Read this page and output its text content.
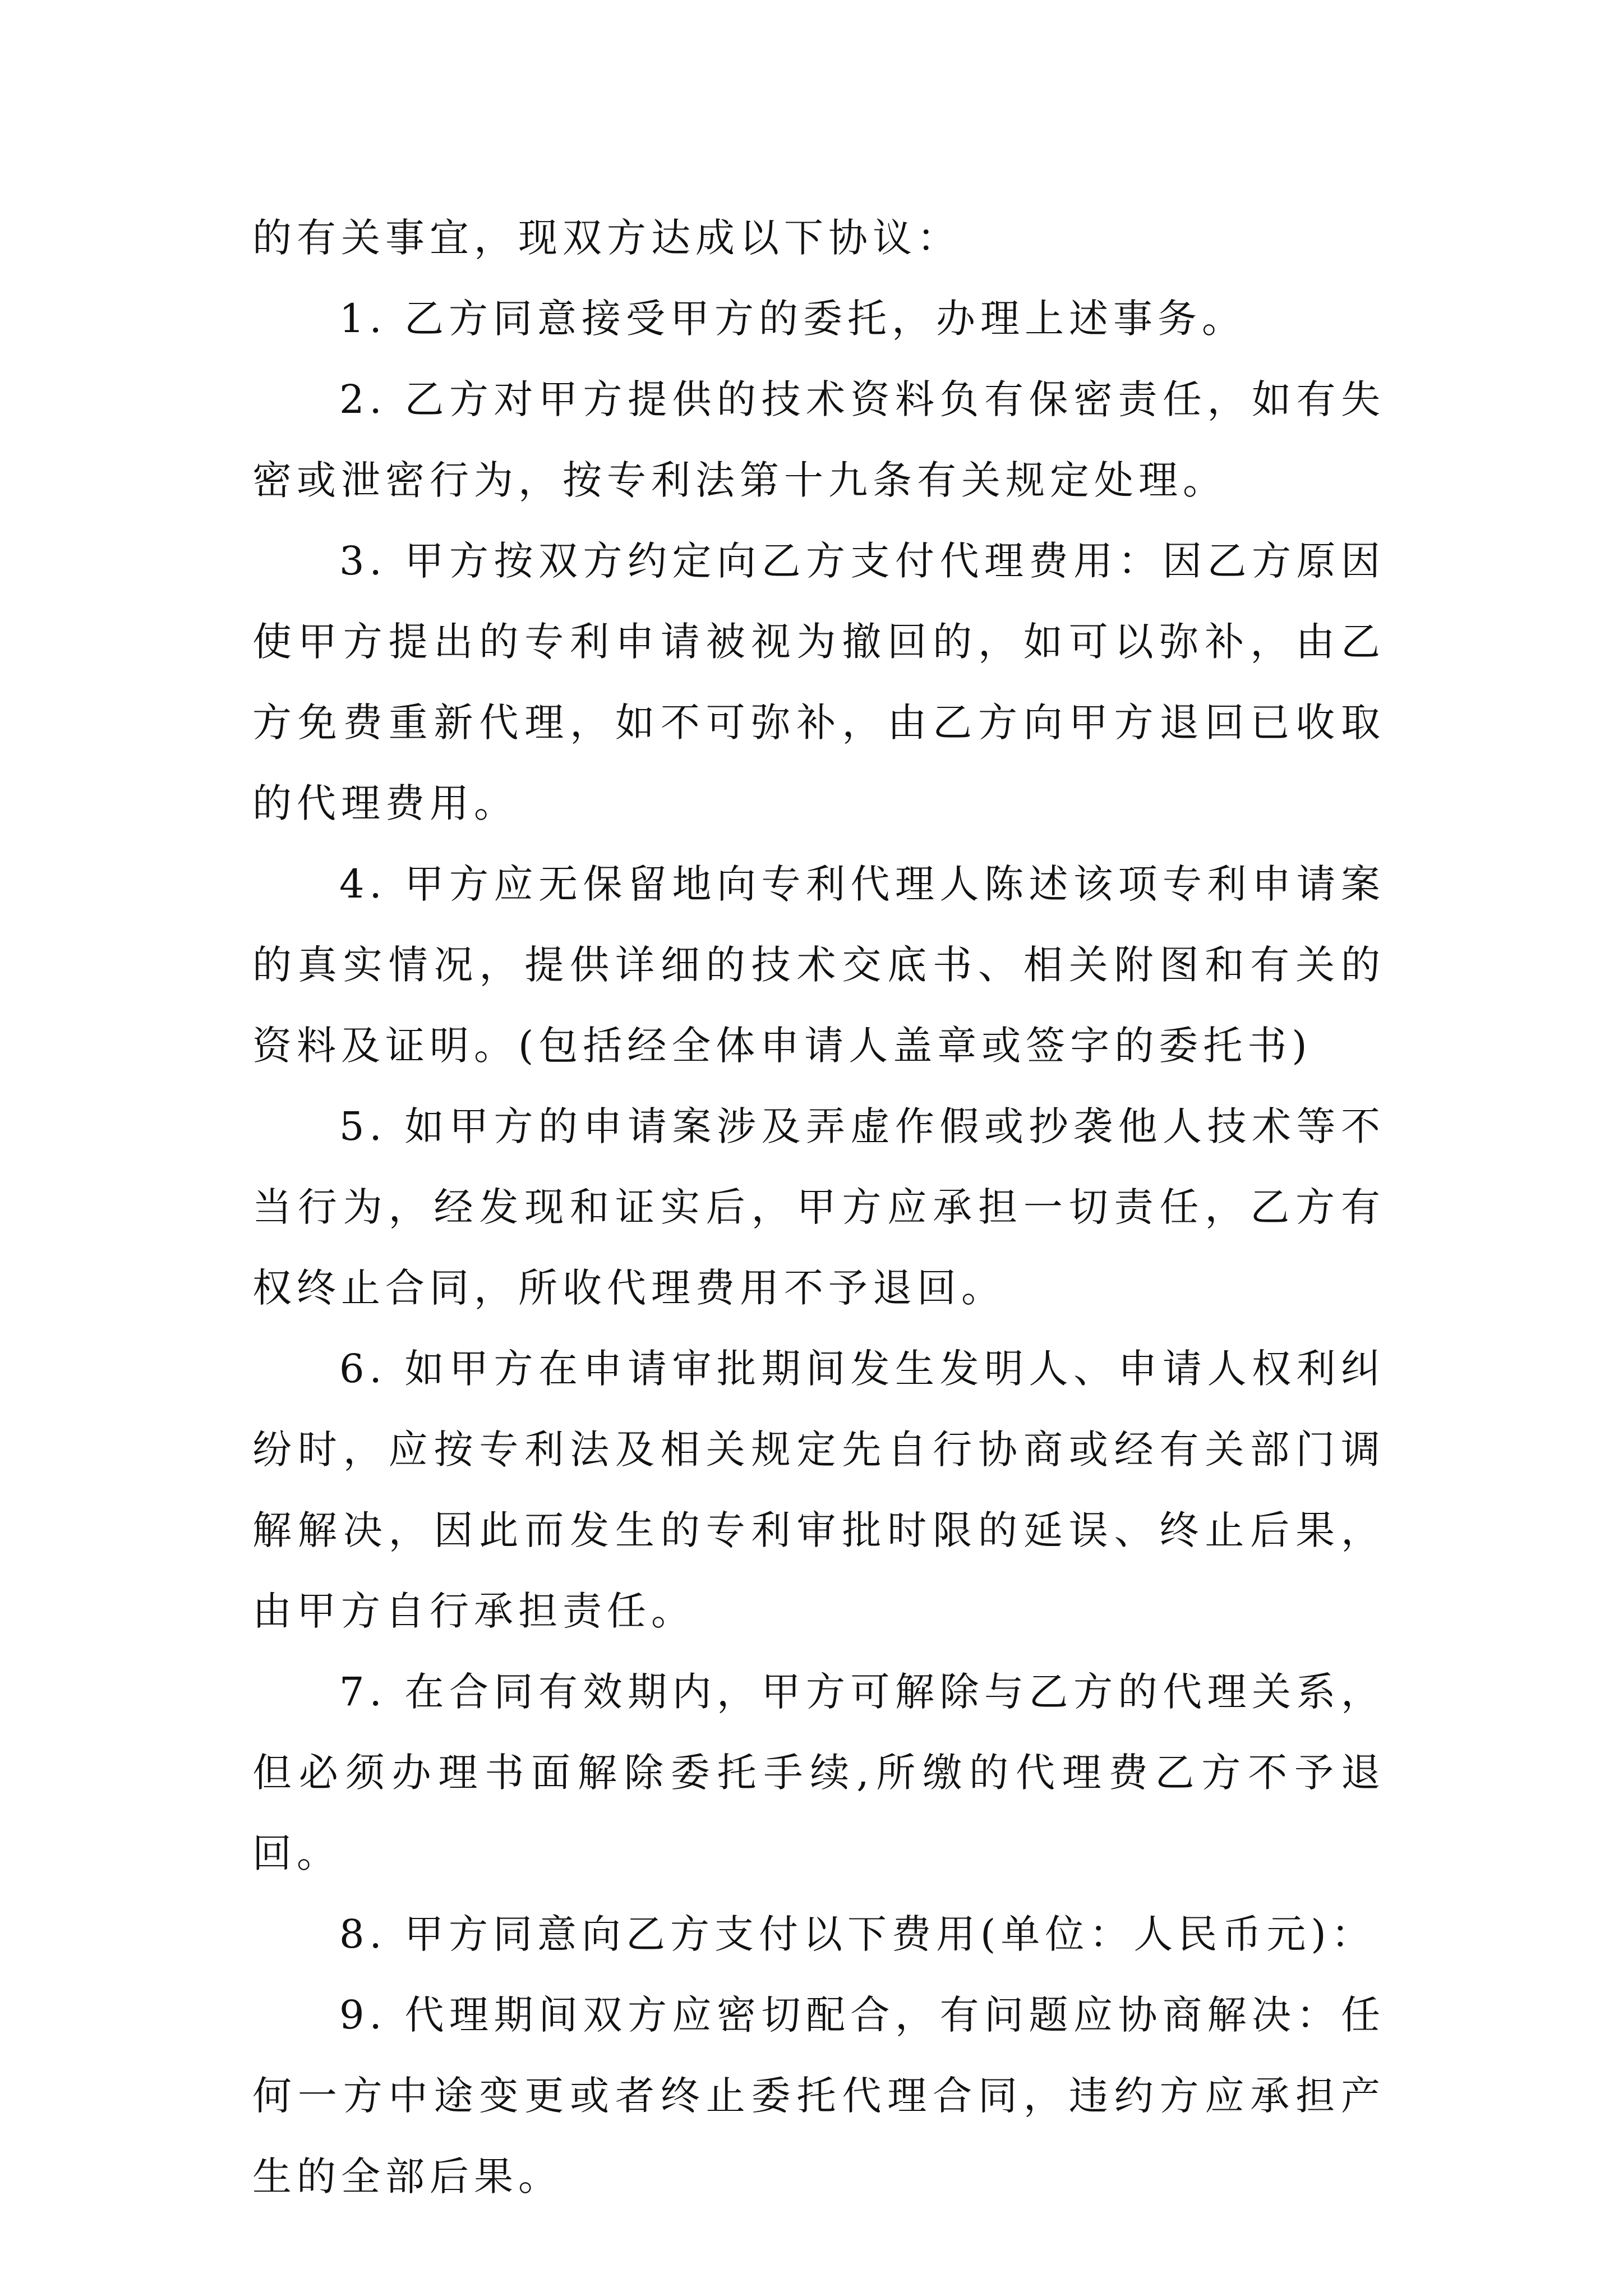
的有关事宜，现双方达成以下协议：

1. 乙方同意接受甲方的委托，办理上述事务。

2. 乙方对甲方提供的技术资料负有保密责任，如有失密或泄密行为，按专利法第十九条有关规定处理。

3. 甲方按双方约定向乙方支付代理费用：因乙方原因使甲方提出的专利申请被视为撤回的，如可以弥补，由乙方免费重新代理，如不可弥补，由乙方向甲方退回已收取的代理费用。

4. 甲方应无保留地向专利代理人陈述该项专利申请案的真实情况，提供详细的技术交底书、相关附图和有关的资料及证明。(包括经全体申请人盖章或签字的委托书)

5. 如甲方的申请案涉及弄虚作假或抄袭他人技术等不当行为，经发现和证实后，甲方应承担一切责任，乙方有权终止合同，所收代理费用不予退回。

6. 如甲方在申请审批期间发生发明人、申请人权利纠纷时，应按专利法及相关规定先自行协商或经有关部门调解解决，因此而发生的专利审批时限的延误、终止后果，由甲方自行承担责任。

7. 在合同有效期内，甲方可解除与乙方的代理关系，但必须办理书面解除委托手续,所缴的代理费乙方不予退回。

8. 甲方同意向乙方支付以下费用(单位：人民币元)：

9. 代理期间双方应密切配合，有问题应协商解决：任何一方中途变更或者终止委托代理合同，违约方应承担产生的全部后果。
